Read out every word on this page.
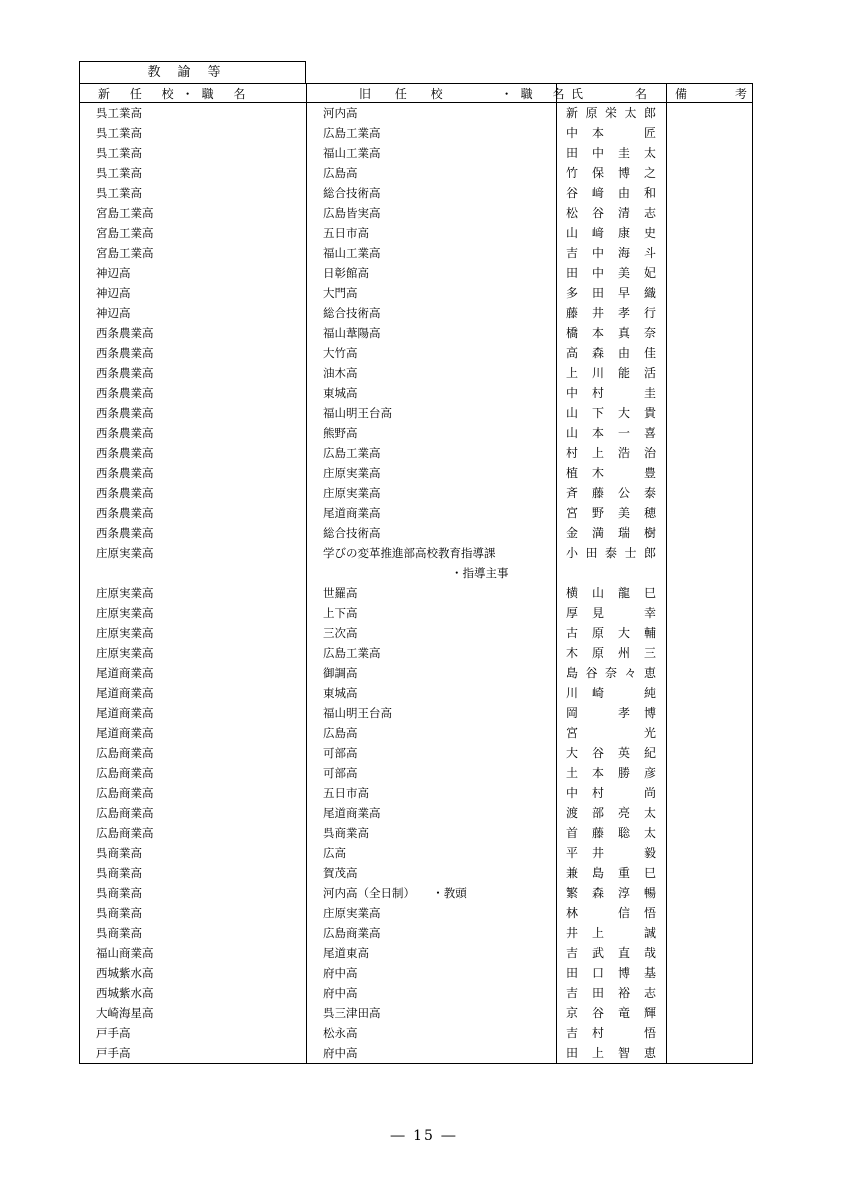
教諭等
新 任 校・職 名	旧 任 校 ・職 名	氏 名	備 考
呉工業高	河内高	新原栄太郎	
呉工業高	広島工業高	中本　匠	
呉工業高	福山工業高	田中圭太	
呉工業高	広島高	竹保博之	
呉工業高	総合技術高	谷﨑由和	
宮島工業高	広島皆実高	松谷清志	
宮島工業高	五日市高	山﨑康史	
宮島工業高	福山工業高	吉中海斗	
神辺高	日彰館高	田中美妃	
神辺高	大門高	多田早織	
神辺高	総合技術高	藤井孝行	
西条農業高	福山葦陽高	橋本真奈	
西条農業高	大竹高	高森由佳	
西条農業高	油木高	上川能活	
西条農業高	東城高	中村　圭	
西条農業高	福山明王台高	山下大貴	
西条農業高	熊野高	山本一喜	
西条農業高	広島工業高	村上浩治	
西条農業高	庄原実業高	植木　豊	
西条農業高	庄原実業高	斉藤公泰	
西条農業高	尾道商業高	宮野美穂	
西条農業高	総合技術高	金満瑞樹	
庄原実業高	学びの変革推進部高校教育指導課	小田泰士郎	
	・指導主事		
庄原実業高	世羅高	横山龍巳	
庄原実業高	上下高	厚見　幸	
庄原実業高	三次高	古原大輔	
庄原実業高	広島工業高	木原州三	
尾道商業高	御調高	島谷奈々恵	
尾道商業高	東城高	川崎　純	
尾道商業高	福山明王台高	岡　孝博	
尾道商業高	広島高	宮　　光	
広島商業高	可部高	大谷英紀	
広島商業高	可部高	土本勝彦	
広島商業高	五日市高	中村　尚	
広島商業高	尾道商業高	渡部亮太	
広島商業高	呉商業高	首藤聡太	
呉商業高	広高	平井　毅	
呉商業高	賀茂高	兼島重巳	
呉商業高	河内高（全日制）　　・教頭	繁森淳暢	
呉商業高	庄原実業高	林　信悟	
呉商業高	広島商業高	井上　誠	
福山商業高	尾道東高	吉武直哉	
西城紫水高	府中高	田口博基	
西城紫水高	府中高	吉田裕志	
大崎海星高	呉三津田高	京谷竜輝	
戸手高	松永高	吉村　悟	
戸手高	府中高	田上智恵	
― 15 ―
